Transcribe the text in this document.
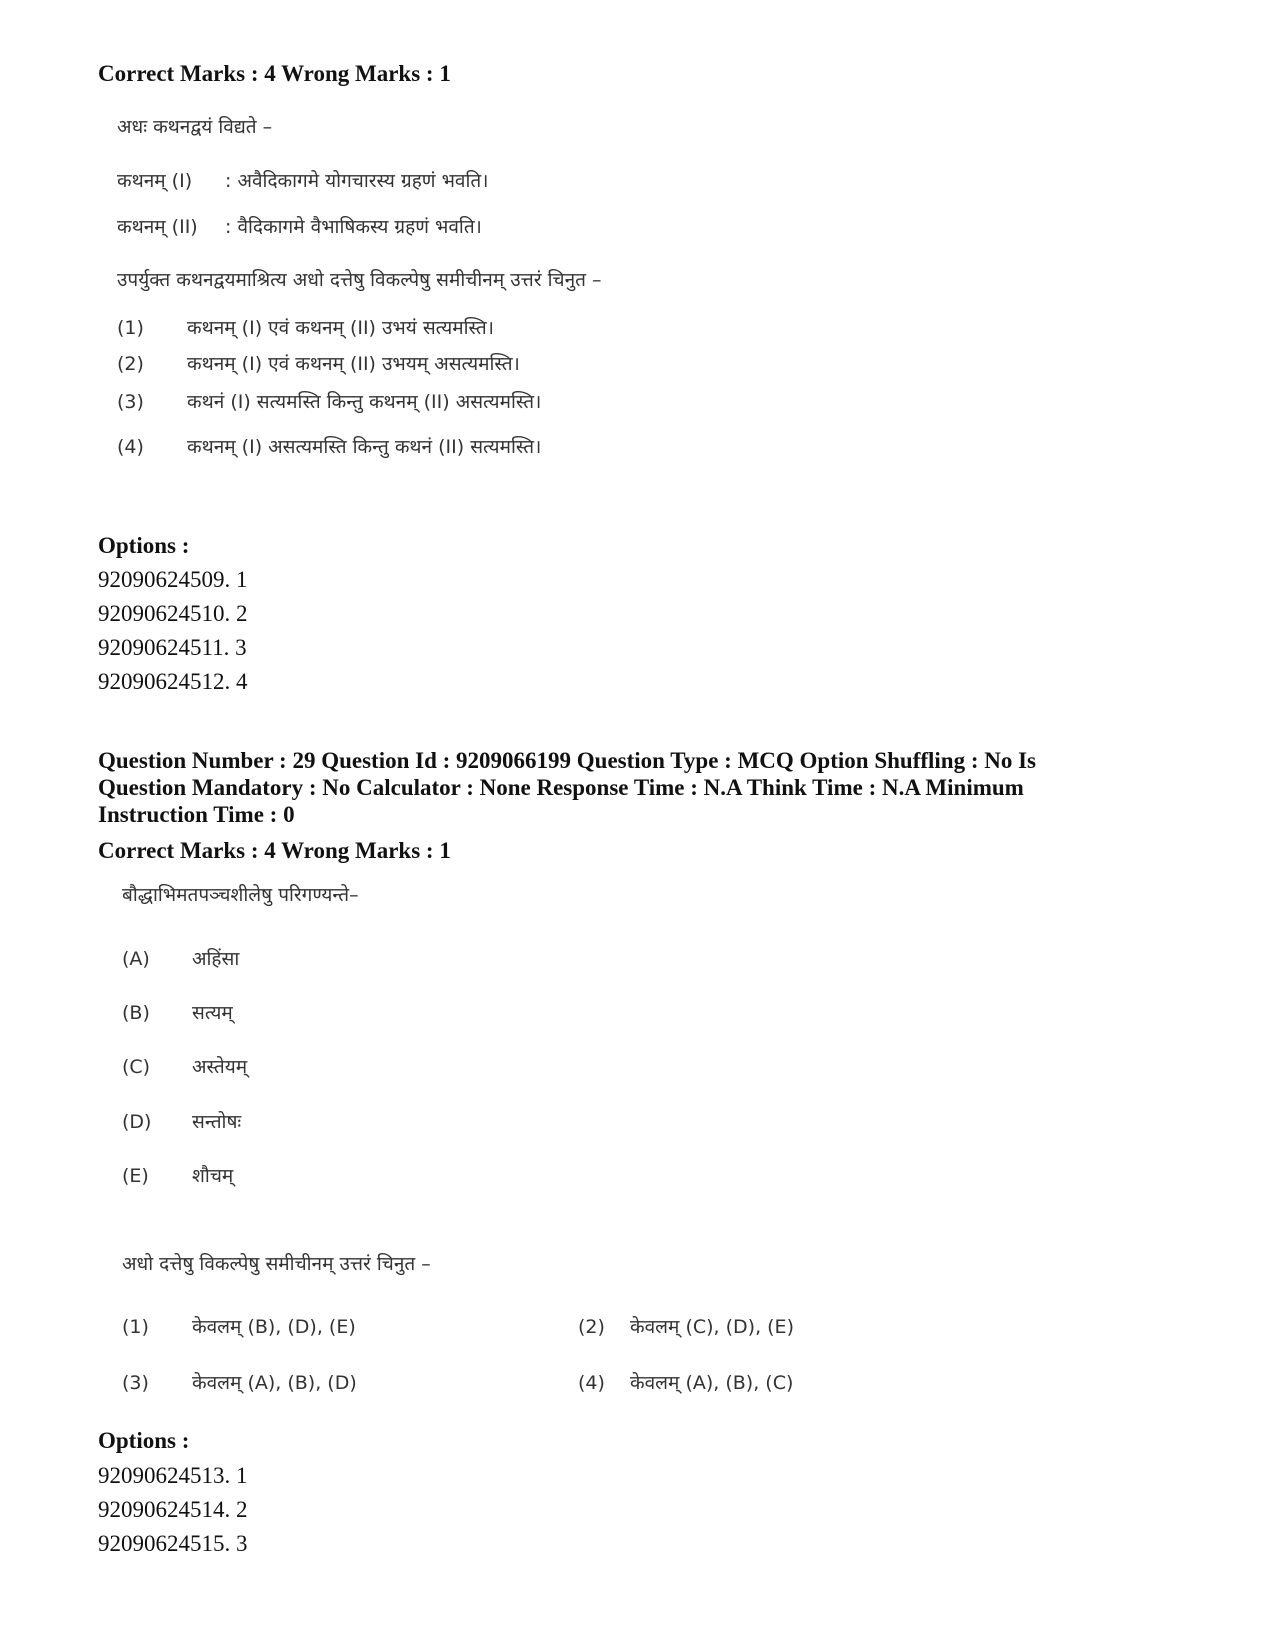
Correct Marks : 4 Wrong Marks : 1
अधः कथनद्वयं विद्यते –
कथनम् (I) : अवैदिकागमे योगचारस्य ग्रहणं भवति।
कथनम् (II) : वैदिकागमे वैभाषिकस्य ग्रहणं भवति।
उपर्युक्त कथनद्वयमाश्रित्य अधो दत्तेषु विकल्पेषु समीचीनम् उत्तरं चिनुत –
(1) कथनम् (I) एवं कथनम् (II) उभयं सत्यमस्ति।
(2) कथनम् (I) एवं कथनम् (II) उभयम् असत्यमस्ति।
(3) कथनं (I) सत्यमस्ति किन्तु कथनम् (II) असत्यमस्ति।
(4) कथनम् (I) असत्यमस्ति किन्तु कथनं (II) सत्यमस्ति।
Options :
92090624509. 1
92090624510. 2
92090624511. 3
92090624512. 4
Question Number : 29 Question Id : 9209066199 Question Type : MCQ Option Shuffling : No Is
Question Mandatory : No Calculator : None Response Time : N.A Think Time : N.A Minimum
Instruction Time : 0
Correct Marks : 4 Wrong Marks : 1
बौद्धाभिमतपञ्चशीलेषु परिगण्यन्ते–
(A) अहिंसा
(B) सत्यम्
(C) अस्तेयम्
(D) सन्तोषः
(E) शौचम्
अधो दत्तेषु विकल्पेषु समीचीनम् उत्तरं चिनुत –
(1) केवलम् (B), (D), (E)	(2) केवलम् (C), (D), (E)
(3) केवलम् (A), (B), (D)	(4) केवलम् (A), (B), (C)
Options :
92090624513. 1
92090624514. 2
92090624515. 3
